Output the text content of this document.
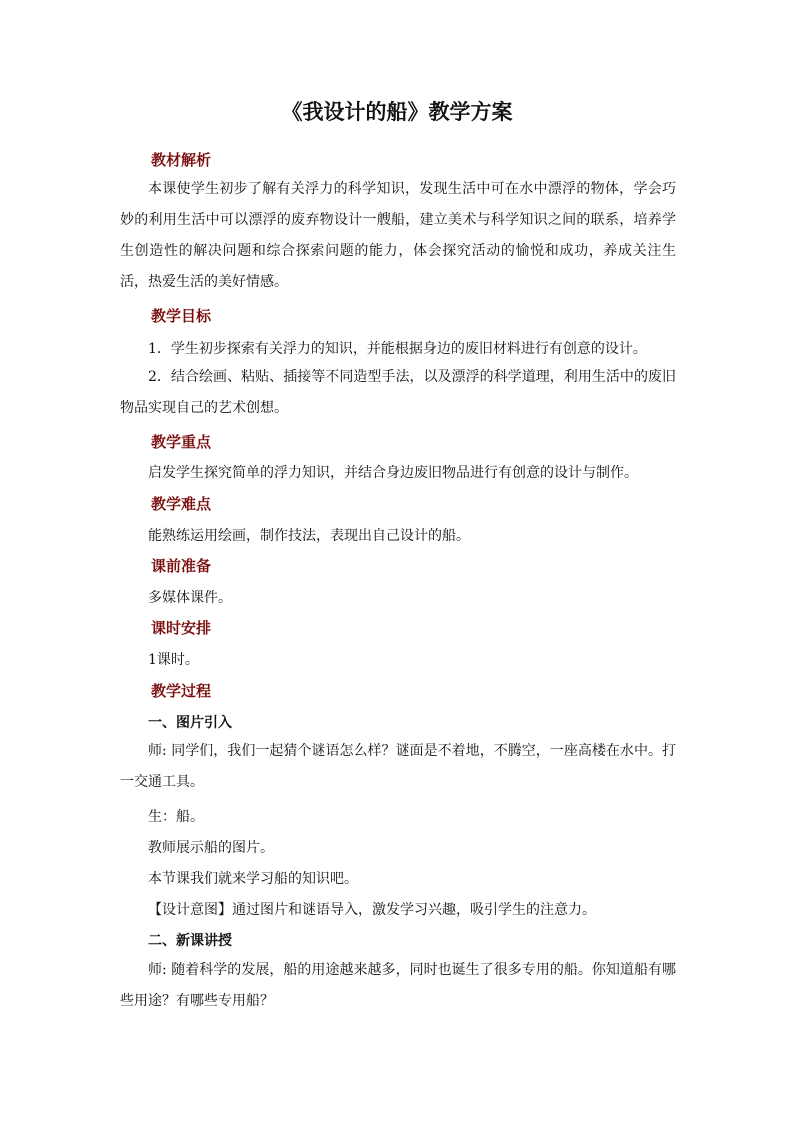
《我设计的船》教学方案
教材解析

本课使学生初步了解有关浮力的科学知识，发现生活中可在水中漂浮的物体，学会巧妙的利用生活中可以漂浮的废弃物设计一艘船，建立美术与科学知识之间的联系，培养学生创造性的解决问题和综合探索问题的能力，体会探究活动的愉悦和成功，养成关注生活，热爱生活的美好情感。

教学目标

1．学生初步探索有关浮力的知识，并能根据身边的废旧材料进行有创意的设计。

2．结合绘画、粘贴、插接等不同造型手法，以及漂浮的科学道理，利用生活中的废旧物品实现自己的艺术创想。

教学重点

启发学生探究简单的浮力知识，并结合身边废旧物品进行有创意的设计与制作。

教学难点

能熟练运用绘画，制作技法，表现出自己设计的船。

课前准备

多媒体课件。

课时安排

1课时。

教学过程

一、图片引入

师: 同学们，我们一起猜个谜语怎么样？谜面是不着地，不腾空，一座高楼在水中。打一交通工具。

生：船。

教师展示船的图片。

本节课我们就来学习船的知识吧。

【设计意图】通过图片和谜语导入，激发学习兴趣，吸引学生的注意力。

二、新课讲授

师: 随着科学的发展，船的用途越来越多，同时也诞生了很多专用的船。你知道船有哪些用途？有哪些专用船？
